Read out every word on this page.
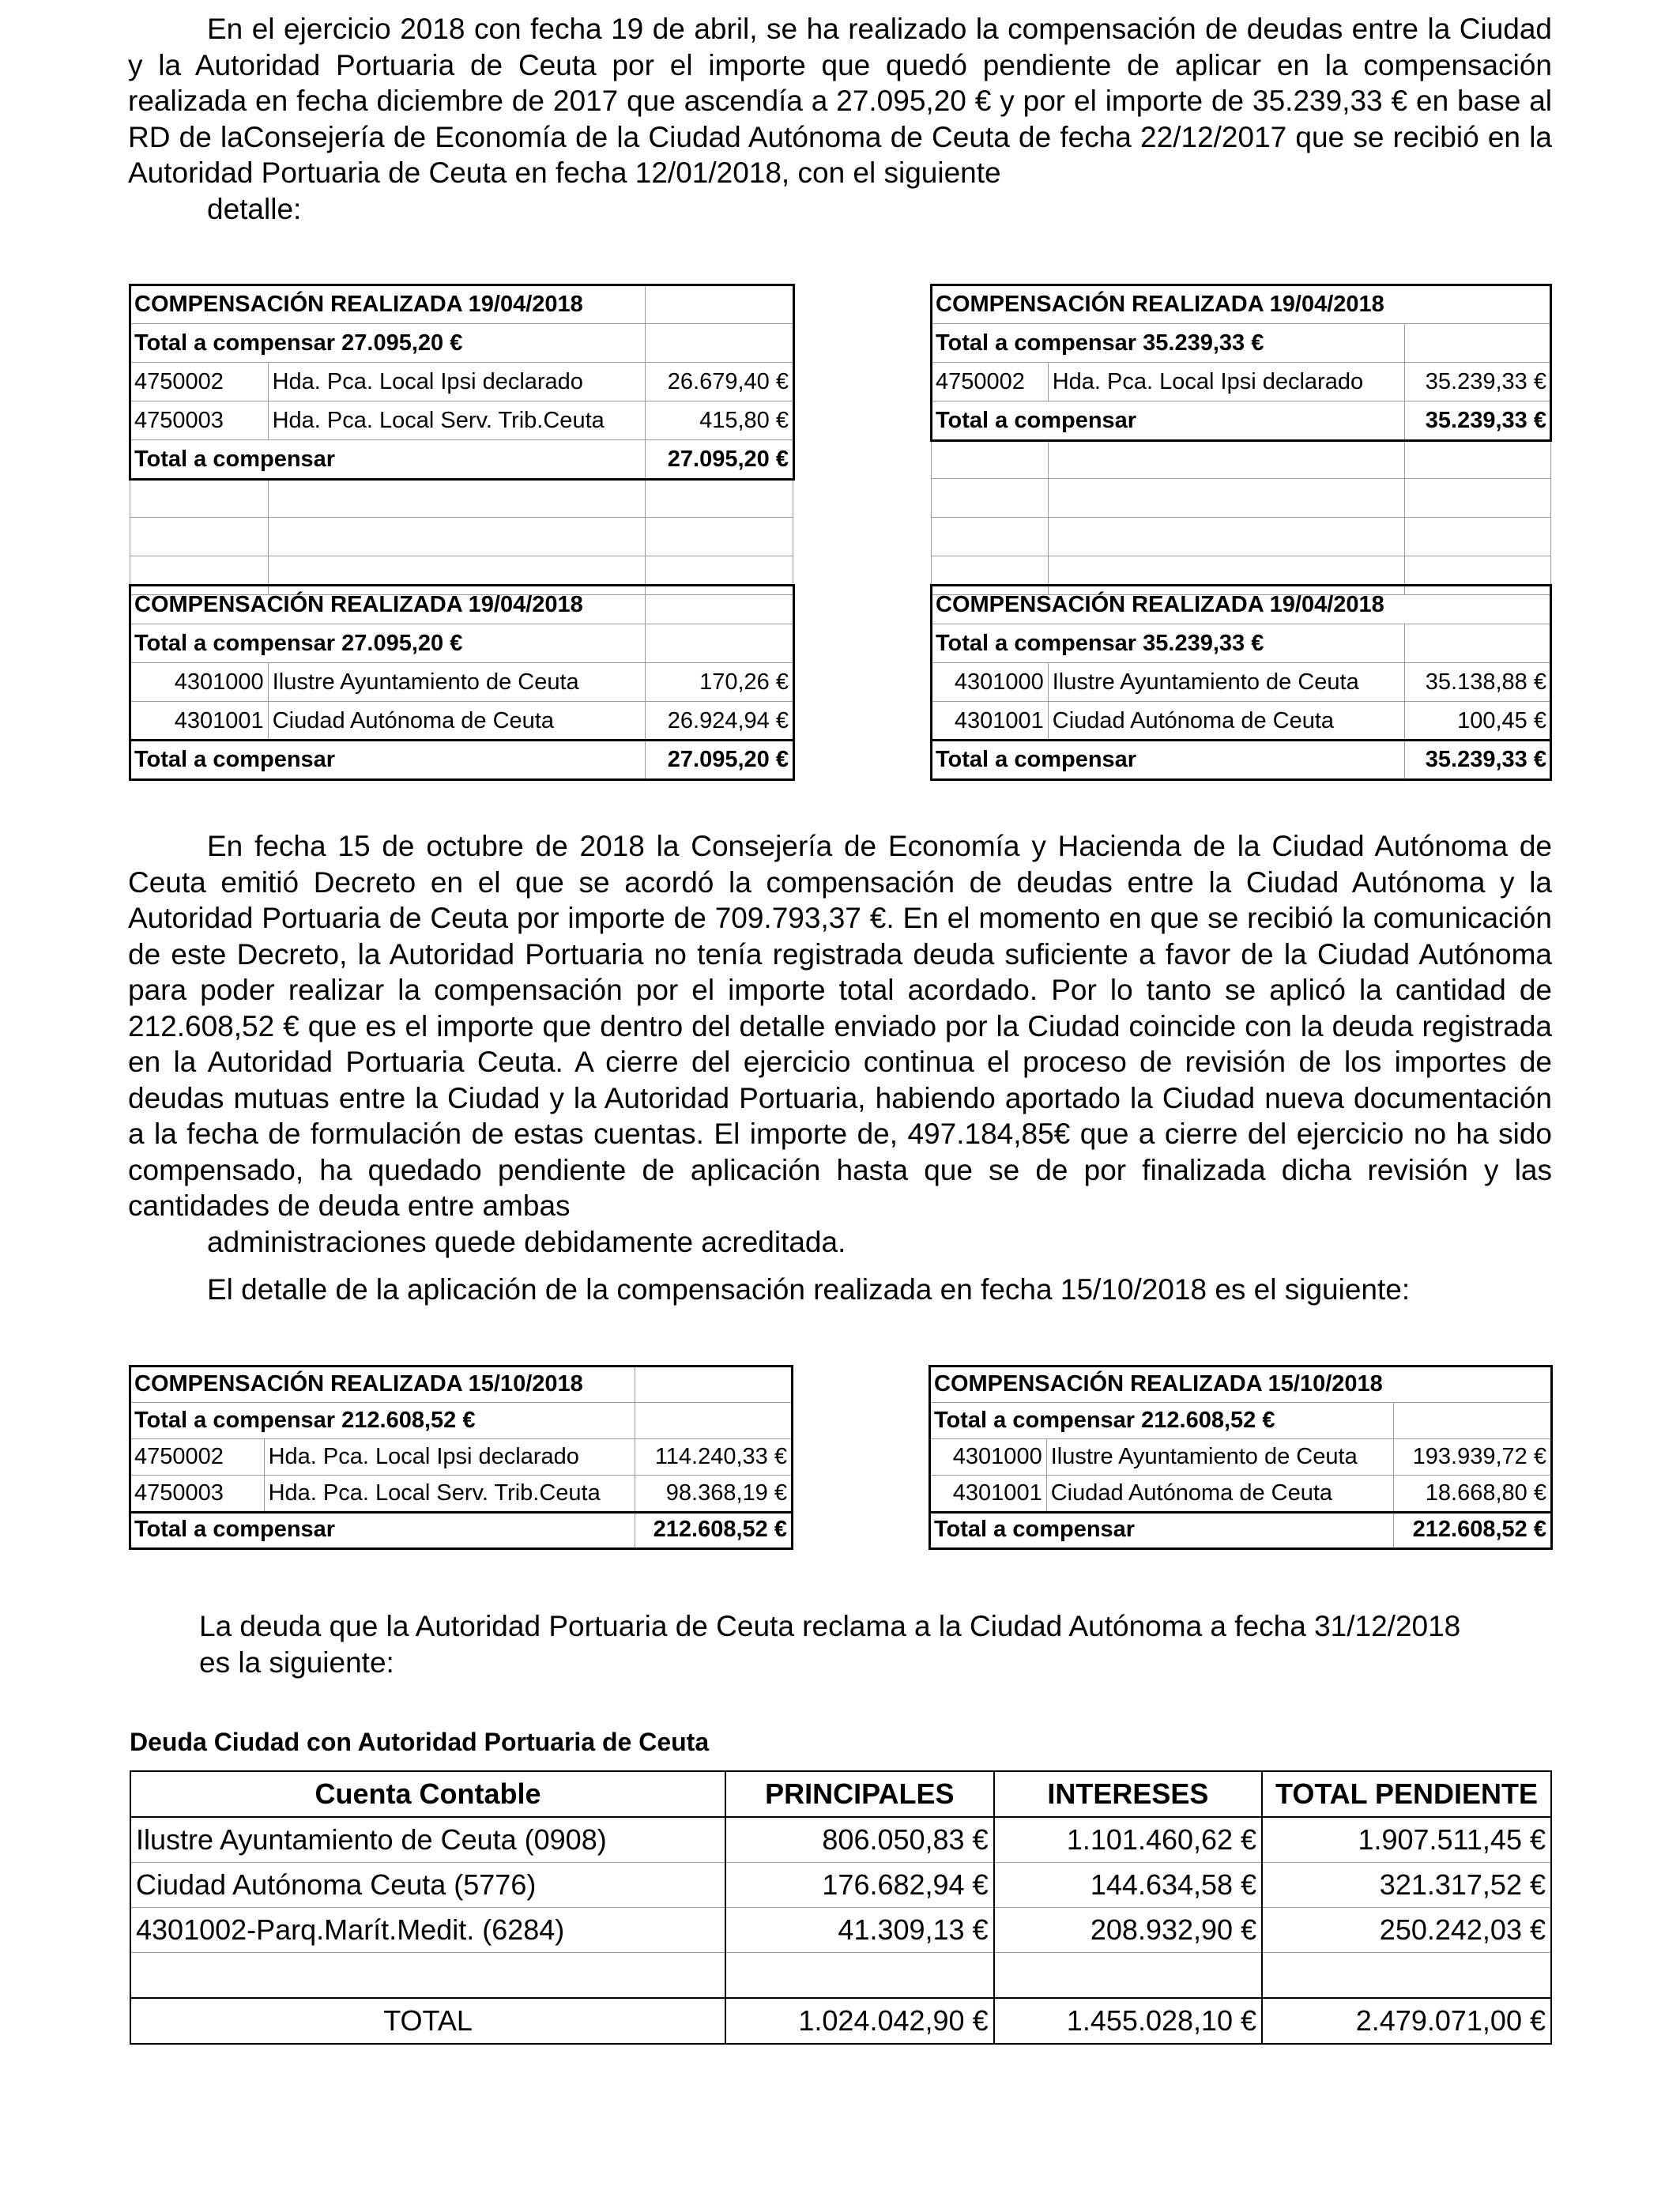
En el ejercicio 2018 con fecha 19 de abril, se ha realizado la compensación de deudas entre la Ciudad y la Autoridad Portuaria de Ceuta por el importe que quedó pendiente de aplicar en la compensación realizada en fecha diciembre de 2017 que ascendía a 27.095,20 € y por el importe de 35.239,33 € en base al RD de laConsejería de Economía de la Ciudad Autónoma de Ceuta de fecha 22/12/2017 que se recibió en la Autoridad Portuaria de Ceuta en fecha 12/01/2018, con el siguiente
detalle:

COMPENSACIÓN REALIZADA 19/04/2018		
Total a compensar 27.095,20 €		
4750002	Hda. Pca. Local Ipsi declarado	26.679,40 €
4750003	Hda. Pca. Local Serv. Trib.Ceuta	415,80 €
Total a compensar		27.095,20 €

COMPENSACIÓN REALIZADA 19/04/2018		
Total a compensar 35.239,33 €		
4750002	Hda. Pca. Local Ipsi declarado	35.239,33 €
Total a compensar		35.239,33 €

COMPENSACIÓN REALIZADA 19/04/2018		
Total a compensar 27.095,20 €		
4301000	Ilustre Ayuntamiento de Ceuta	170,26 €
4301001	Ciudad Autónoma de Ceuta	26.924,94 €
Total a compensar		27.095,20 €
COMPENSACIÓN REALIZADA 19/04/2018		
Total a compensar 35.239,33 €		
4301000	Ilustre Ayuntamiento de Ceuta	35.138,88 €
4301001	Ciudad Autónoma de Ceuta	100,45 €
Total a compensar		35.239,33 €

En fecha 15 de octubre de 2018 la Consejería de Economía y Hacienda de la Ciudad Autónoma de Ceuta emitió Decreto en el que se acordó la compensación de deudas entre la Ciudad Autónoma y la Autoridad Portuaria de Ceuta por importe de 709.793,37 €. En el momento en que se recibió la comunicación de este Decreto, la Autoridad Portuaria no tenía registrada deuda suficiente a favor de la Ciudad Autónoma para poder realizar la compensación por el importe total acordado. Por lo tanto se aplicó la cantidad de 212.608,52 € que es el importe que dentro del detalle enviado por la Ciudad coincide con la deuda registrada en la Autoridad Portuaria Ceuta. A cierre del ejercicio continua el proceso de revisión de los importes de deudas mutuas entre la Ciudad y la Autoridad Portuaria, habiendo aportado la Ciudad nueva documentación a la fecha de formulación de estas cuentas. El importe de, 497.184,85€ que a cierre del ejercicio no ha sido compensado, ha quedado pendiente de aplicación hasta que se de por finalizada dicha revisión y las cantidades de deuda entre ambas
administraciones quede debidamente acreditada.

El detalle de la aplicación de la compensación realizada en fecha 15/10/2018 es el siguiente:

COMPENSACIÓN REALIZADA 15/10/2018		
Total a compensar 212.608,52 €		
4750002	Hda. Pca. Local Ipsi declarado	114.240,33 €
4750003	Hda. Pca. Local Serv. Trib.Ceuta	98.368,19 €
Total a compensar		212.608,52 €
COMPENSACIÓN REALIZADA 15/10/2018		
Total a compensar 212.608,52 €		
4301000	Ilustre Ayuntamiento de Ceuta	193.939,72 €
4301001	Ciudad Autónoma de Ceuta	18.668,80 €
Total a compensar		212.608,52 €

La deuda que la Autoridad Portuaria de Ceuta reclama a la Ciudad Autónoma a fecha 31/12/2018
es la siguiente:

Deuda Ciudad con Autoridad Portuaria de Ceuta
Cuenta Contable	PRINCIPALES	INTERESES	TOTAL PENDIENTE
Ilustre Ayuntamiento de Ceuta (0908)	806.050,83 €	1.101.460,62 €	1.907.511,45 €
Ciudad Autónoma Ceuta (5776)	176.682,94 €	144.634,58 €	321.317,52 €
4301002-Parq.Marít.Medit. (6284)	41.309,13 €	208.932,90 €	250.242,03 €

TOTAL	1.024.042,90 €	1.455.028,10 €	2.479.071,00 €
